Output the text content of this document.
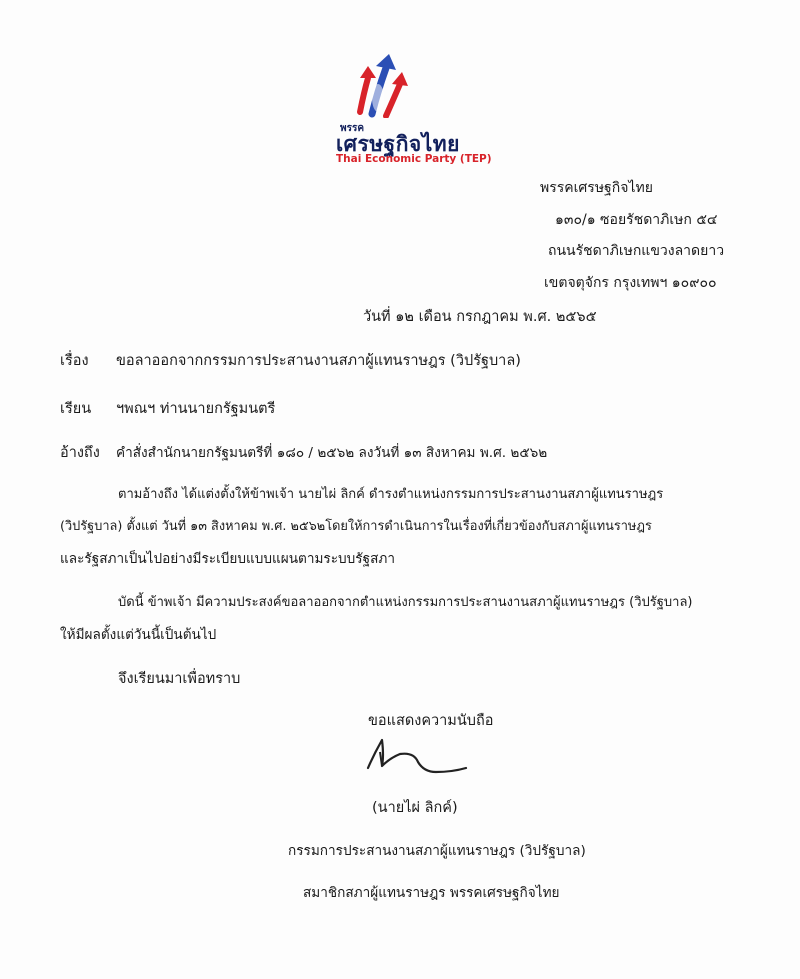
พรรค
เศรษฐกิจไทย
Thai Economic Party (TEP)
พรรคเศรษฐกิจไทย
๑๓๐/๑ ซอยรัชดาภิเษก ๕๔
ถนนรัชดาภิเษกแขวงลาดยาว
เขตจตุจักร กรุงเทพฯ ๑๐๙๐๐
วันที่ ๑๒ เดือน กรกฎาคม พ.ศ. ๒๕๖๕
เรื่อง ขอลาออกจากกรรมการประสานงานสภาผู้แทนราษฎร (วิปรัฐบาล)
เรียน ฯพณฯ ท่านนายกรัฐมนตรี
อ้างถึง คำสั่งสำนักนายกรัฐมนตรีที่ ๑๘๐ / ๒๕๖๒ ลงวันที่ ๑๓ สิงหาคม พ.ศ. ๒๕๖๒
ตามอ้างถึง ได้แต่งตั้งให้ข้าพเจ้า นายไผ่ ลิกค์ ดำรงตำแหน่งกรรมการประสานงานสภาผู้แทนราษฎร
(วิปรัฐบาล) ตั้งแต่ วันที่ ๑๓ สิงหาคม พ.ศ. ๒๕๖๒โดยให้การดำเนินการในเรื่องที่เกี่ยวข้องกับสภาผู้แทนราษฎร
และรัฐสภาเป็นไปอย่างมีระเบียบแบบแผนตามระบบรัฐสภา
บัดนี้ ข้าพเจ้า มีความประสงค์ขอลาออกจากตำแหน่งกรรมการประสานงานสภาผู้แทนราษฎร (วิปรัฐบาล)
ให้มีผลตั้งแต่วันนี้เป็นต้นไป
จึงเรียนมาเพื่อทราบ
ขอแสดงความนับถือ
(นายไผ่ ลิกค์)
กรรมการประสานงานสภาผู้แทนราษฎร (วิปรัฐบาล)
สมาชิกสภาผู้แทนราษฎร พรรคเศรษฐกิจไทย
